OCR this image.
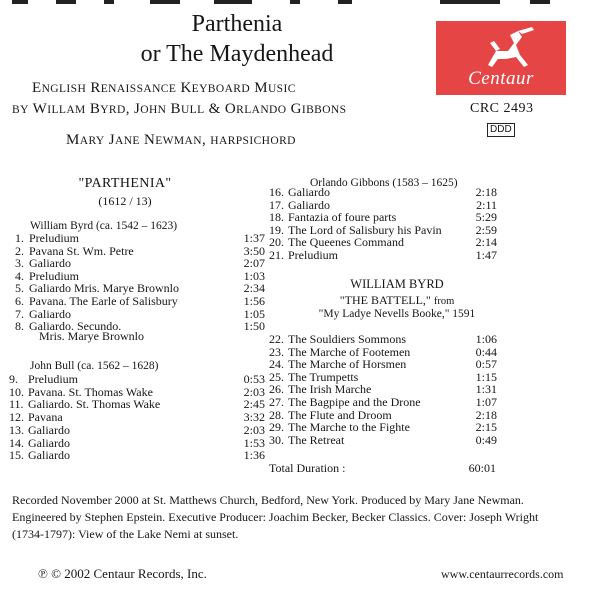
Parthenia
or The Maydenhead
ENGLISH RENAISSANCE KEYBOARD MUSIC
BY WILLAM BYRD, JOHN BULL & ORLANDO GIBBONS
MARY JANE NEWMAN, HARPSICHORD
Centaur
CRC 2493
DDD
"PARTHENIA"
(1612 / 13)
William Byrd (ca. 1542 – 1623)
1. Preludium	1:37
2. Pavana St. Wm. Petre	3:50
3. Galiardo	2:07
4. Preludium	1:03
5. Galiardo Mris. Marye Brownlo	2:34
6. Pavana. The Earle of Salisbury	1:56
7. Galiardo	1:05
8. Galiardo. Secundo.	1:50
Mris. Marye Brownlo
John Bull (ca. 1562 – 1628)
9. Preludium	0:53
10. Pavana. St. Thomas Wake	2:03
11. Galiardo. St. Thomas Wake	2:45
12. Pavana	3:32
13. Galiardo	2:03
14. Galiardo	1:53
15. Galiardo	1:36
Orlando Gibbons (1583 – 1625)
16. Galiardo	2:18
17. Galiardo	2:11
18. Fantazia of foure parts	5:29
19. The Lord of Salisbury his Pavin	2:59
20. The Queenes Command	2:14
21. Preludium	1:47
WILLIAM BYRD
"THE BATTELL," from
"My Ladye Nevells Booke," 1591
22. The Souldiers Sommons	1:06
23. The Marche of Footemen	0:44
24. The Marche of Horsmen	0:57
25. The Trumpetts	1:15
26. The Irish Marche	1:31
27. The Bagpipe and the Drone	1:07
28. The Flute and Droom	2:18
29. The Marche to the Fighte	2:15
30. The Retreat	0:49
Total Duration :	60:01
Recorded November 2000 at St. Matthews Church, Bedford, New York. Produced by Mary Jane Newman.
Engineered by Stephen Epstein. Executive Producer: Joachim Becker, Becker Classics. Cover: Joseph Wright
(1734-1797): View of the Lake Nemi at sunset.
℗ © 2002 Centaur Records, Inc.	www.centaurrecords.com
